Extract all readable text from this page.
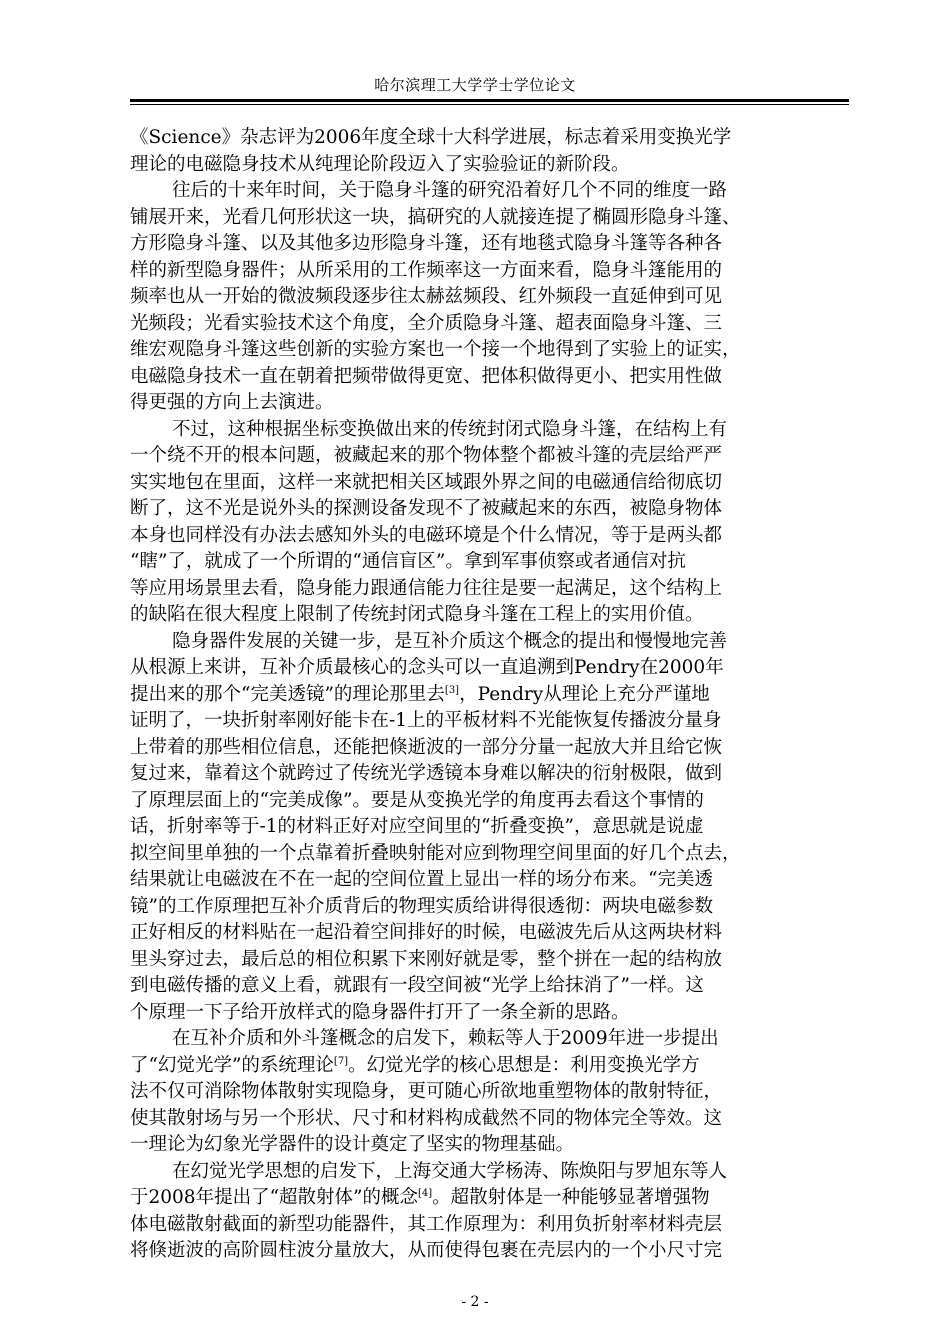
哈尔滨理工大学学士学位论文
《Science》杂志评为2006年度全球十大科学进展，标志着采用变换光学
理论的电磁隐身技术从纯理论阶段迈入了实验验证的新阶段。
往后的十来年时间，关于隐身斗篷的研究沿着好几个不同的维度一路
铺展开来，光看几何形状这一块，搞研究的人就接连提了椭圆形隐身斗篷、
方形隐身斗篷、以及其他多边形隐身斗篷，还有地毯式隐身斗篷等各种各
样的新型隐身器件；从所采用的工作频率这一方面来看，隐身斗篷能用的
频率也从一开始的微波频段逐步往太赫兹频段、红外频段一直延伸到可见
光频段；光看实验技术这个角度，全介质隐身斗篷、超表面隐身斗篷、三
维宏观隐身斗篷这些创新的实验方案也一个接一个地得到了实验上的证实，
电磁隐身技术一直在朝着把频带做得更宽、把体积做得更小、把实用性做
得更强的方向上去演进。
不过，这种根据坐标变换做出来的传统封闭式隐身斗篷，在结构上有
一个绕不开的根本问题，被藏起来的那个物体整个都被斗篷的壳层给严严
实实地包在里面，这样一来就把相关区域跟外界之间的电磁通信给彻底切
断了，这不光是说外头的探测设备发现不了被藏起来的东西，被隐身物体
本身也同样没有办法去感知外头的电磁环境是个什么情况，等于是两头都
“瞎”了，就成了一个所谓的“通信盲区”。拿到军事侦察或者通信对抗
等应用场景里去看，隐身能力跟通信能力往往是要一起满足，这个结构上
的缺陷在很大程度上限制了传统封闭式隐身斗篷在工程上的实用价值。
隐身器件发展的关键一步，是互补介质这个概念的提出和慢慢地完善
从根源上来讲，互补介质最核心的念头可以一直追溯到Pendry在2000年
提出来的那个“完美透镜”的理论那里去[3]，Pendry从理论上充分严谨地
证明了，一块折射率刚好能卡在-1上的平板材料不光能恢复传播波分量身
上带着的那些相位信息，还能把倏逝波的一部分分量一起放大并且给它恢
复过来，靠着这个就跨过了传统光学透镜本身难以解决的衍射极限，做到
了原理层面上的“完美成像”。要是从变换光学的角度再去看这个事情的
话，折射率等于-1的材料正好对应空间里的“折叠变换”，意思就是说虚
拟空间里单独的一个点靠着折叠映射能对应到物理空间里面的好几个点去，
结果就让电磁波在不在一起的空间位置上显出一样的场分布来。“完美透
镜”的工作原理把互补介质背后的物理实质给讲得很透彻：两块电磁参数
正好相反的材料贴在一起沿着空间排好的时候，电磁波先后从这两块材料
里头穿过去，最后总的相位积累下来刚好就是零，整个拼在一起的结构放
到电磁传播的意义上看，就跟有一段空间被“光学上给抹消了”一样。这
个原理一下子给开放样式的隐身器件打开了一条全新的思路。
在互补介质和外斗篷概念的启发下，赖耘等人于2009年进一步提出
了“幻觉光学”的系统理论[7]。幻觉光学的核心思想是：利用变换光学方
法不仅可消除物体散射实现隐身，更可随心所欲地重塑物体的散射特征，
使其散射场与另一个形状、尺寸和材料构成截然不同的物体完全等效。这
一理论为幻象光学器件的设计奠定了坚实的物理基础。
在幻觉光学思想的启发下，上海交通大学杨涛、陈焕阳与罗旭东等人
于2008年提出了“超散射体”的概念[4]。超散射体是一种能够显著增强物
体电磁散射截面的新型功能器件，其工作原理为：利用负折射率材料壳层
将倏逝波的高阶圆柱波分量放大，从而使得包裹在壳层内的一个小尺寸完
- 2 -
